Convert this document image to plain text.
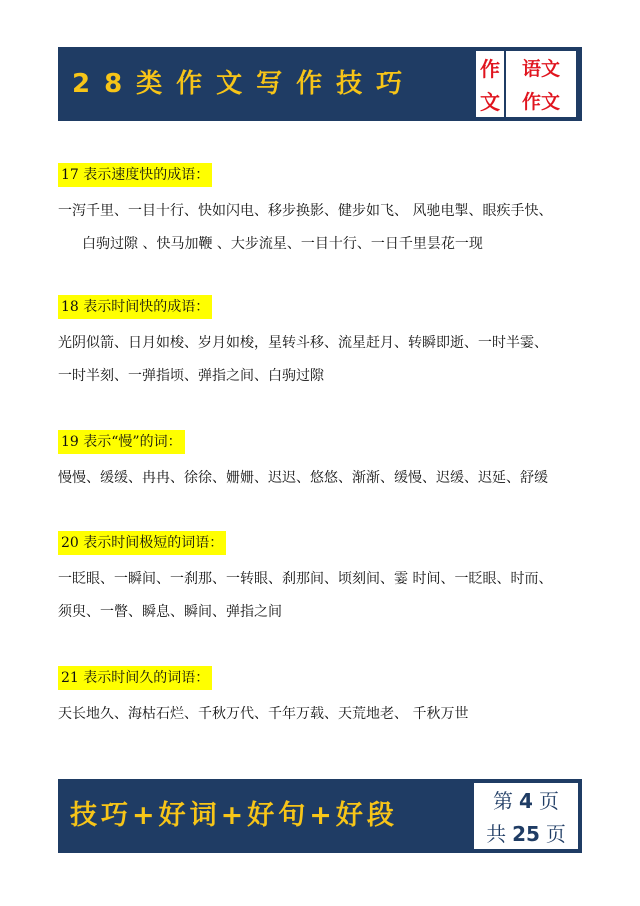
28类作文写作技巧	作
文
语文
作文
17 表示速度快的成语：
一泻千里、一目十行、快如闪电、移步换影、健步如飞、 风驰电掣、眼疾手快、
白驹过隙 、快马加鞭 、大步流星、一目十行、一日千里昙花一现
18 表示时间快的成语：
光阴似箭、日月如梭、岁月如梭，星转斗移、流星赶月、转瞬即逝、一时半霎、
一时半刻、一弹指顷、弹指之间、白驹过隙
19 表示“慢”的词：
慢慢、缓缓、冉冉、徐徐、姗姗、迟迟、悠悠、渐渐、缓慢、迟缓、迟延、舒缓
20 表示时间极短的词语：
一眨眼、一瞬间、一刹那、一转眼、刹那间、顷刻间、霎 时间、一眨眼、时而、
须臾、一瞥、瞬息、瞬间、弹指之间
21 表示时间久的词语：
天长地久、海枯石烂、千秋万代、千年万载、天荒地老、 千秋万世
技巧+好词+好句+好段	第 4 页
共 25 页
